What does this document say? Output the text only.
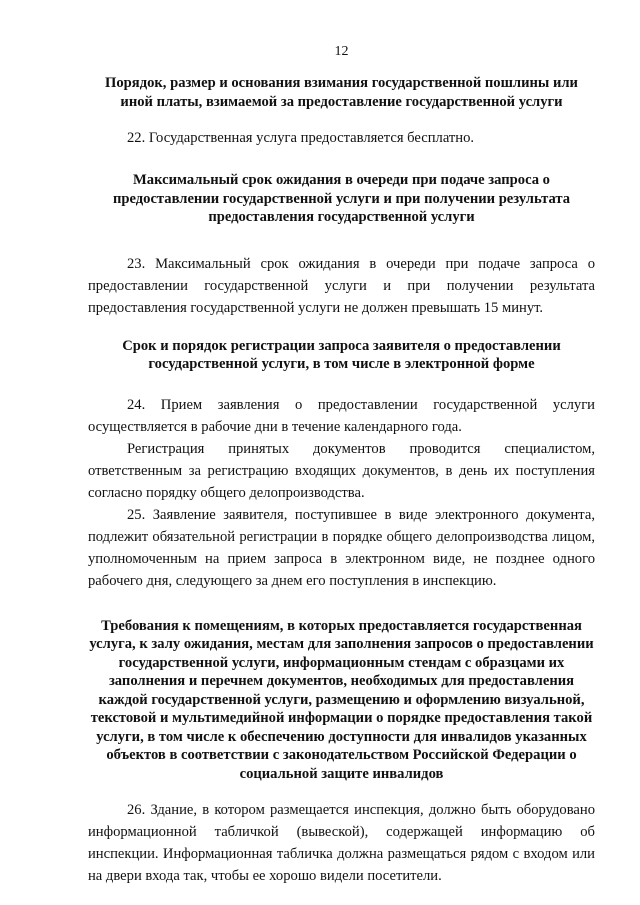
12

Порядок, размер и основания взимания государственной пошлины или иной платы, взимаемой за предоставление государственной услуги

22. Государственная услуга предоставляется бесплатно.

Максимальный срок ожидания в очереди при подаче запроса о предоставлении государственной услуги и при получении результата предоставления государственной услуги

23. Максимальный срок ожидания в очереди при подаче запроса о предоставлении государственной услуги и при получении результата предоставления государственной услуги не должен превышать 15 минут.

Срок и порядок регистрации запроса заявителя о предоставлении государственной услуги, в том числе в электронной форме

24. Прием заявления о предоставлении государственной услуги осуществляется в рабочие дни в течение календарного года.

Регистрация принятых документов проводится специалистом, ответственным за регистрацию входящих документов, в день их поступления согласно порядку общего делопроизводства.

25. Заявление заявителя, поступившее в виде электронного документа, подлежит обязательной регистрации в порядке общего делопроизводства лицом, уполномоченным на прием запроса в электронном виде, не позднее одного рабочего дня, следующего за днем его поступления в инспекцию.

Требования к помещениям, в которых предоставляется государственная услуга, к залу ожидания, местам для заполнения запросов о предоставлении государственной услуги, информационным стендам с образцами их заполнения и перечнем документов, необходимых для предоставления каждой государственной услуги, размещению и оформлению визуальной, текстовой и мультимедийной информации о порядке предоставления такой услуги, в том числе к обеспечению доступности для инвалидов указанных объектов в соответствии с законодательством Российской Федерации о социальной защите инвалидов

26. Здание, в котором размещается инспекция, должно быть оборудовано информационной табличкой (вывеской), содержащей информацию об инспекции. Информационная табличка должна размещаться рядом с входом или на двери входа так, чтобы ее хорошо видели посетители.
